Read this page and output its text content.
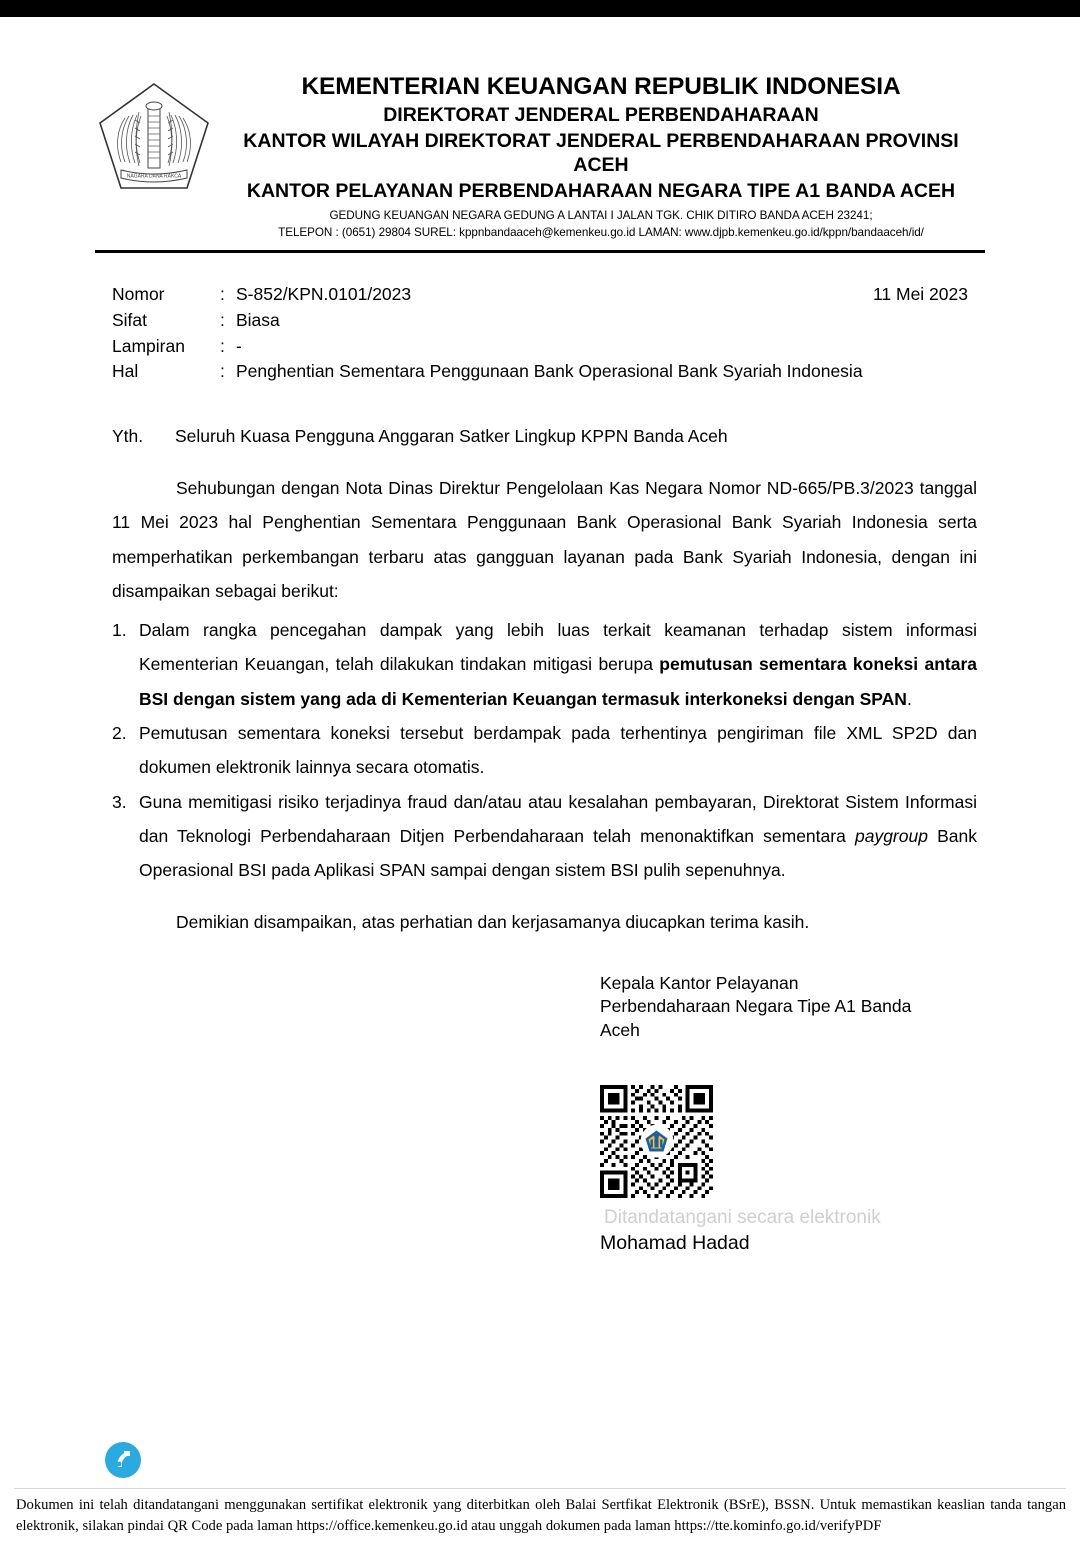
NAGARA DANA RAKCA
KEMENTERIAN KEUANGAN REPUBLIK INDONESIA
DIREKTORAT JENDERAL PERBENDAHARAAN
KANTOR WILAYAH DIREKTORAT JENDERAL PERBENDAHARAAN PROVINSI ACEH
KANTOR PELAYANAN PERBENDAHARAAN NEGARA TIPE A1 BANDA ACEH
GEDUNG KEUANGAN NEGARA GEDUNG A LANTAI I JALAN TGK. CHIK DITIRO BANDA ACEH 23241;
TELEPON : (0651) 29804 SUREL: kppnbandaaceh@kemenkeu.go.id LAMAN: www.djpb.kemenkeu.go.id/kppn/bandaaceh/id/
11 Mei 2023
Nomor	: S-852/KPN.0101/2023
Sifat	: Biasa
Lampiran	: -
Hal	: Penghentian Sementara Penggunaan Bank Operasional Bank Syariah Indonesia
Yth.	Seluruh Kuasa Pengguna Anggaran Satker Lingkup KPPN Banda Aceh

Sehubungan dengan Nota Dinas Direktur Pengelolaan Kas Negara Nomor ND-665/PB.3/2023 tanggal 11 Mei 2023 hal Penghentian Sementara Penggunaan Bank Operasional Bank Syariah Indonesia serta memperhatikan perkembangan terbaru atas gangguan layanan pada Bank Syariah Indonesia, dengan ini disampaikan sebagai berikut:

1. Dalam rangka pencegahan dampak yang lebih luas terkait keamanan terhadap sistem informasi Kementerian Keuangan, telah dilakukan tindakan mitigasi berupa pemutusan sementara koneksi antara BSI dengan sistem yang ada di Kementerian Keuangan termasuk interkoneksi dengan SPAN.
2. Pemutusan sementara koneksi tersebut berdampak pada terhentinya pengiriman file XML SP2D dan dokumen elektronik lainnya secara otomatis.
3. Guna memitigasi risiko terjadinya fraud dan/atau atau kesalahan pembayaran, Direktorat Sistem Informasi dan Teknologi Perbendaharaan Ditjen Perbendaharaan telah menonaktifkan sementara paygroup Bank Operasional BSI pada Aplikasi SPAN sampai dengan sistem BSI pulih sepenuhnya.
Demikian disampaikan, atas perhatian dan kerjasamanya diucapkan terima kasih.
Kepala Kantor Pelayanan
Perbendaharaan Negara Tipe A1 Banda
Aceh
Ditandatangani secara elektronik
Mohamad Hadad
Dokumen ini telah ditandatangani menggunakan sertifikat elektronik yang diterbitkan oleh Balai Sertfikat Elektronik (BSrE), BSSN. Untuk memastikan keaslian tanda tangan elektronik, silakan pindai QR Code pada laman https://office.kemenkeu.go.id atau unggah dokumen pada laman https://tte.kominfo.go.id/verifyPDF
